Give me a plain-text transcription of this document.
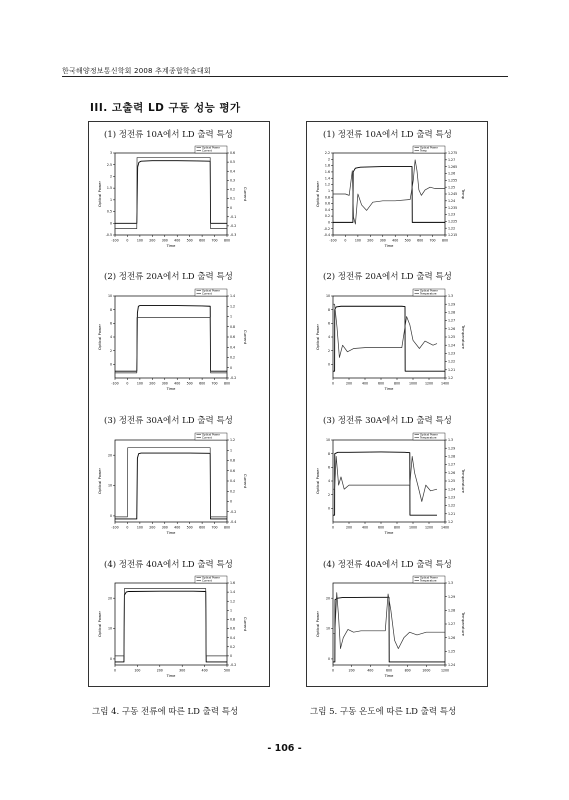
한국해양정보통신학회 2008 추계종합학술대회
III. 고출력 LD 구동 성능 평가
(1) 정전류 10A에서 LD 출력 특성
(2) 정전류 20A에서 LD 출력 특성
(3) 정전류 30A에서 LD 출력 특성
(4) 정전류 40A에서 LD 출력 특성
(1) 정전류 10A에서 LD 출력 특성
(2) 정전류 20A에서 LD 출력 특성
(3) 정전류 30A에서 LD 출력 특성
(4) 정전류 40A에서 LD 출력 특성
-100 0	100 200 300 400 500 600 700 800
-0.5
0
0.5
1
1.5
2
2.5
3
-0.3
-0.2
-0.1
0
0.1
0.2
0.3
0.4
0.5
0.6
Time
Optical Power	Current
Optical Power
Current
-100 0	100 200 300 400 500 600 700 800
0
2
4
6
8
10
-0.2
0
0.2
0.4
0.6
0.8
1
1.2
1.4
Time
Optical Power	Current
Optical Power
Current
-100 0	100 200 300 400 500 600 700 800
0
10
20
-0.4
-0.2
0
0.2
0.4
0.6
0.8
1
1.2
Time
Optical Power	Current
Optical Power
Current
0	100	200	300	400	500
0
10
20
-0.2
0
0.2
0.4
0.6
0.8
1
1.2
1.4
1.6
Time
Optical Power	Current
Optical Power
Current
-100 0	100 200 300 400 500 600 700 800
-0.4
-0.2
0
0.2
0.4
0.6
0.8
1
1.2
1.4
1.6
1.8
2
2.2
1.215
1.22
1.225
1.23
1.235
1.24
1.245
1.25
1.255
1.26
1.265
1.27
1.275
Time
Optical Power	Temp
Optical Power
Temp
0	200	400	600	800	1000 1200 1400
0
2
4
6
8
10
1.2
1.21
1.22
1.23
1.24
1.25
1.26
1.27
1.28
1.29
1.3
Time
Optical Power	Temperature
Optical Power
Temperature
0	200	400	600	800	1000 1200 1400
0
2
4
6
8
10
1.2
1.21
1.22
1.23
1.24
1.25
1.26
1.27
1.28
1.29
1.3
Time
Optical Power	Temperature
Optical Power
Temperature
0	200	400	600	800	1000	1200
0
10
20
1.24
1.25
1.26
1.27
1.28
1.29
1.3
Time
Optical Power	Temperature
Optical Power
Temperature
그림 4. 구동 전류에 따른 LD 출력 특성	그림 5. 구동 온도에 따른 LD 출력 특성
- 106 -
